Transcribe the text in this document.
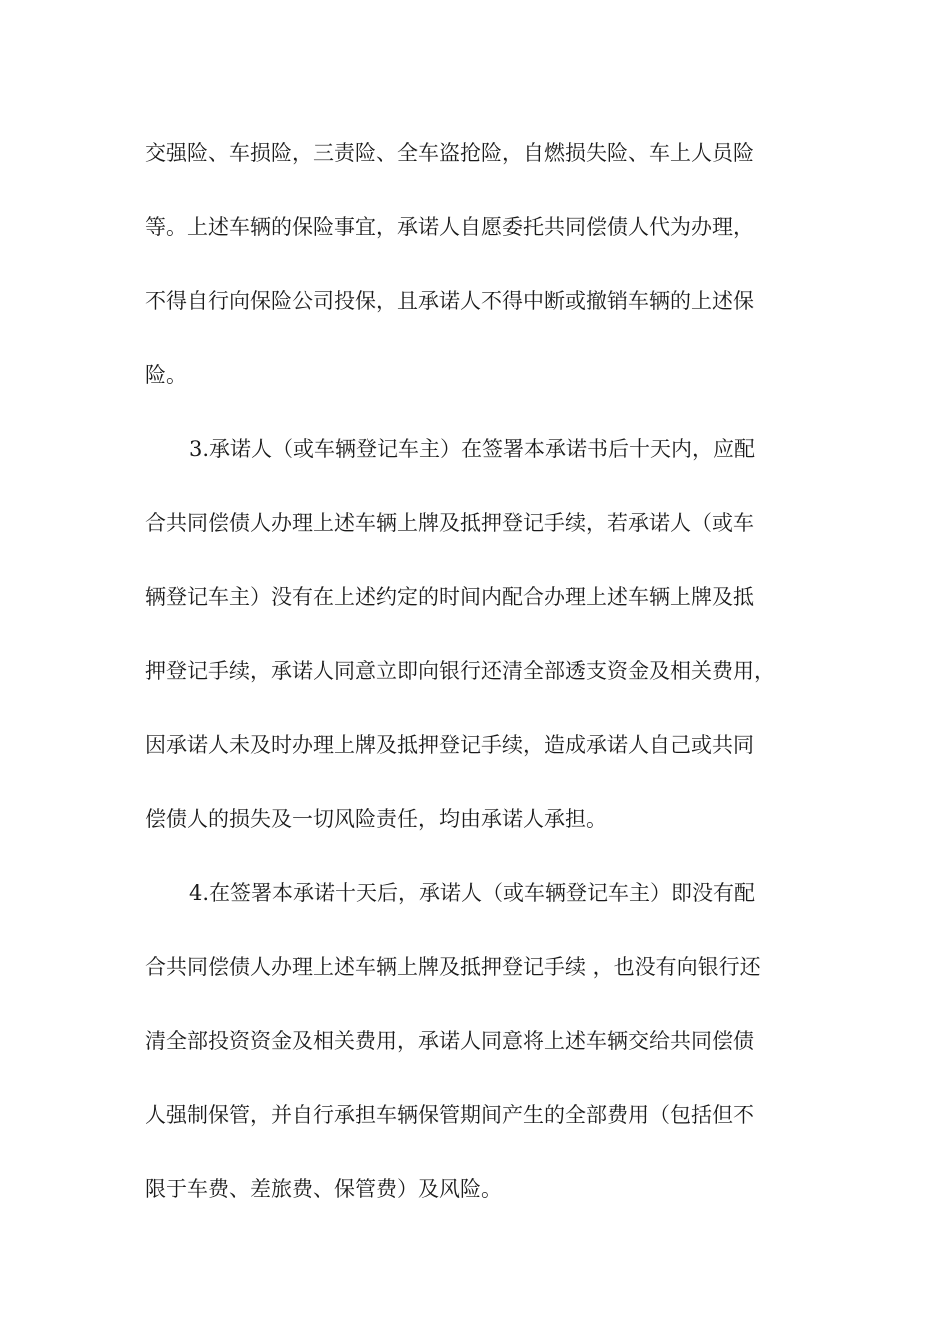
交强险、车损险，三责险、全车盗抢险，自燃损失险、车上人员险
等。上述车辆的保险事宜，承诺人自愿委托共同偿债人代为办理，
不得自行向保险公司投保，且承诺人不得中断或撤销车辆的上述保
险。
3.承诺人（或车辆登记车主）在签署本承诺书后十天内，应配
合共同偿债人办理上述车辆上牌及抵押登记手续，若承诺人（或车
辆登记车主）没有在上述约定的时间内配合办理上述车辆上牌及抵
押登记手续，承诺人同意立即向银行还清全部透支资金及相关费用，
因承诺人未及时办理上牌及抵押登记手续，造成承诺人自己或共同
偿债人的损失及一切风险责任，均由承诺人承担。
4.在签署本承诺十天后，承诺人（或车辆登记车主）即没有配
合共同偿债人办理上述车辆上牌及抵押登记手续 ，也没有向银行还
清全部投资资金及相关费用，承诺人同意将上述车辆交给共同偿债
人强制保管，并自行承担车辆保管期间产生的全部费用（包括但不
限于车费、差旅费、保管费）及风险。
